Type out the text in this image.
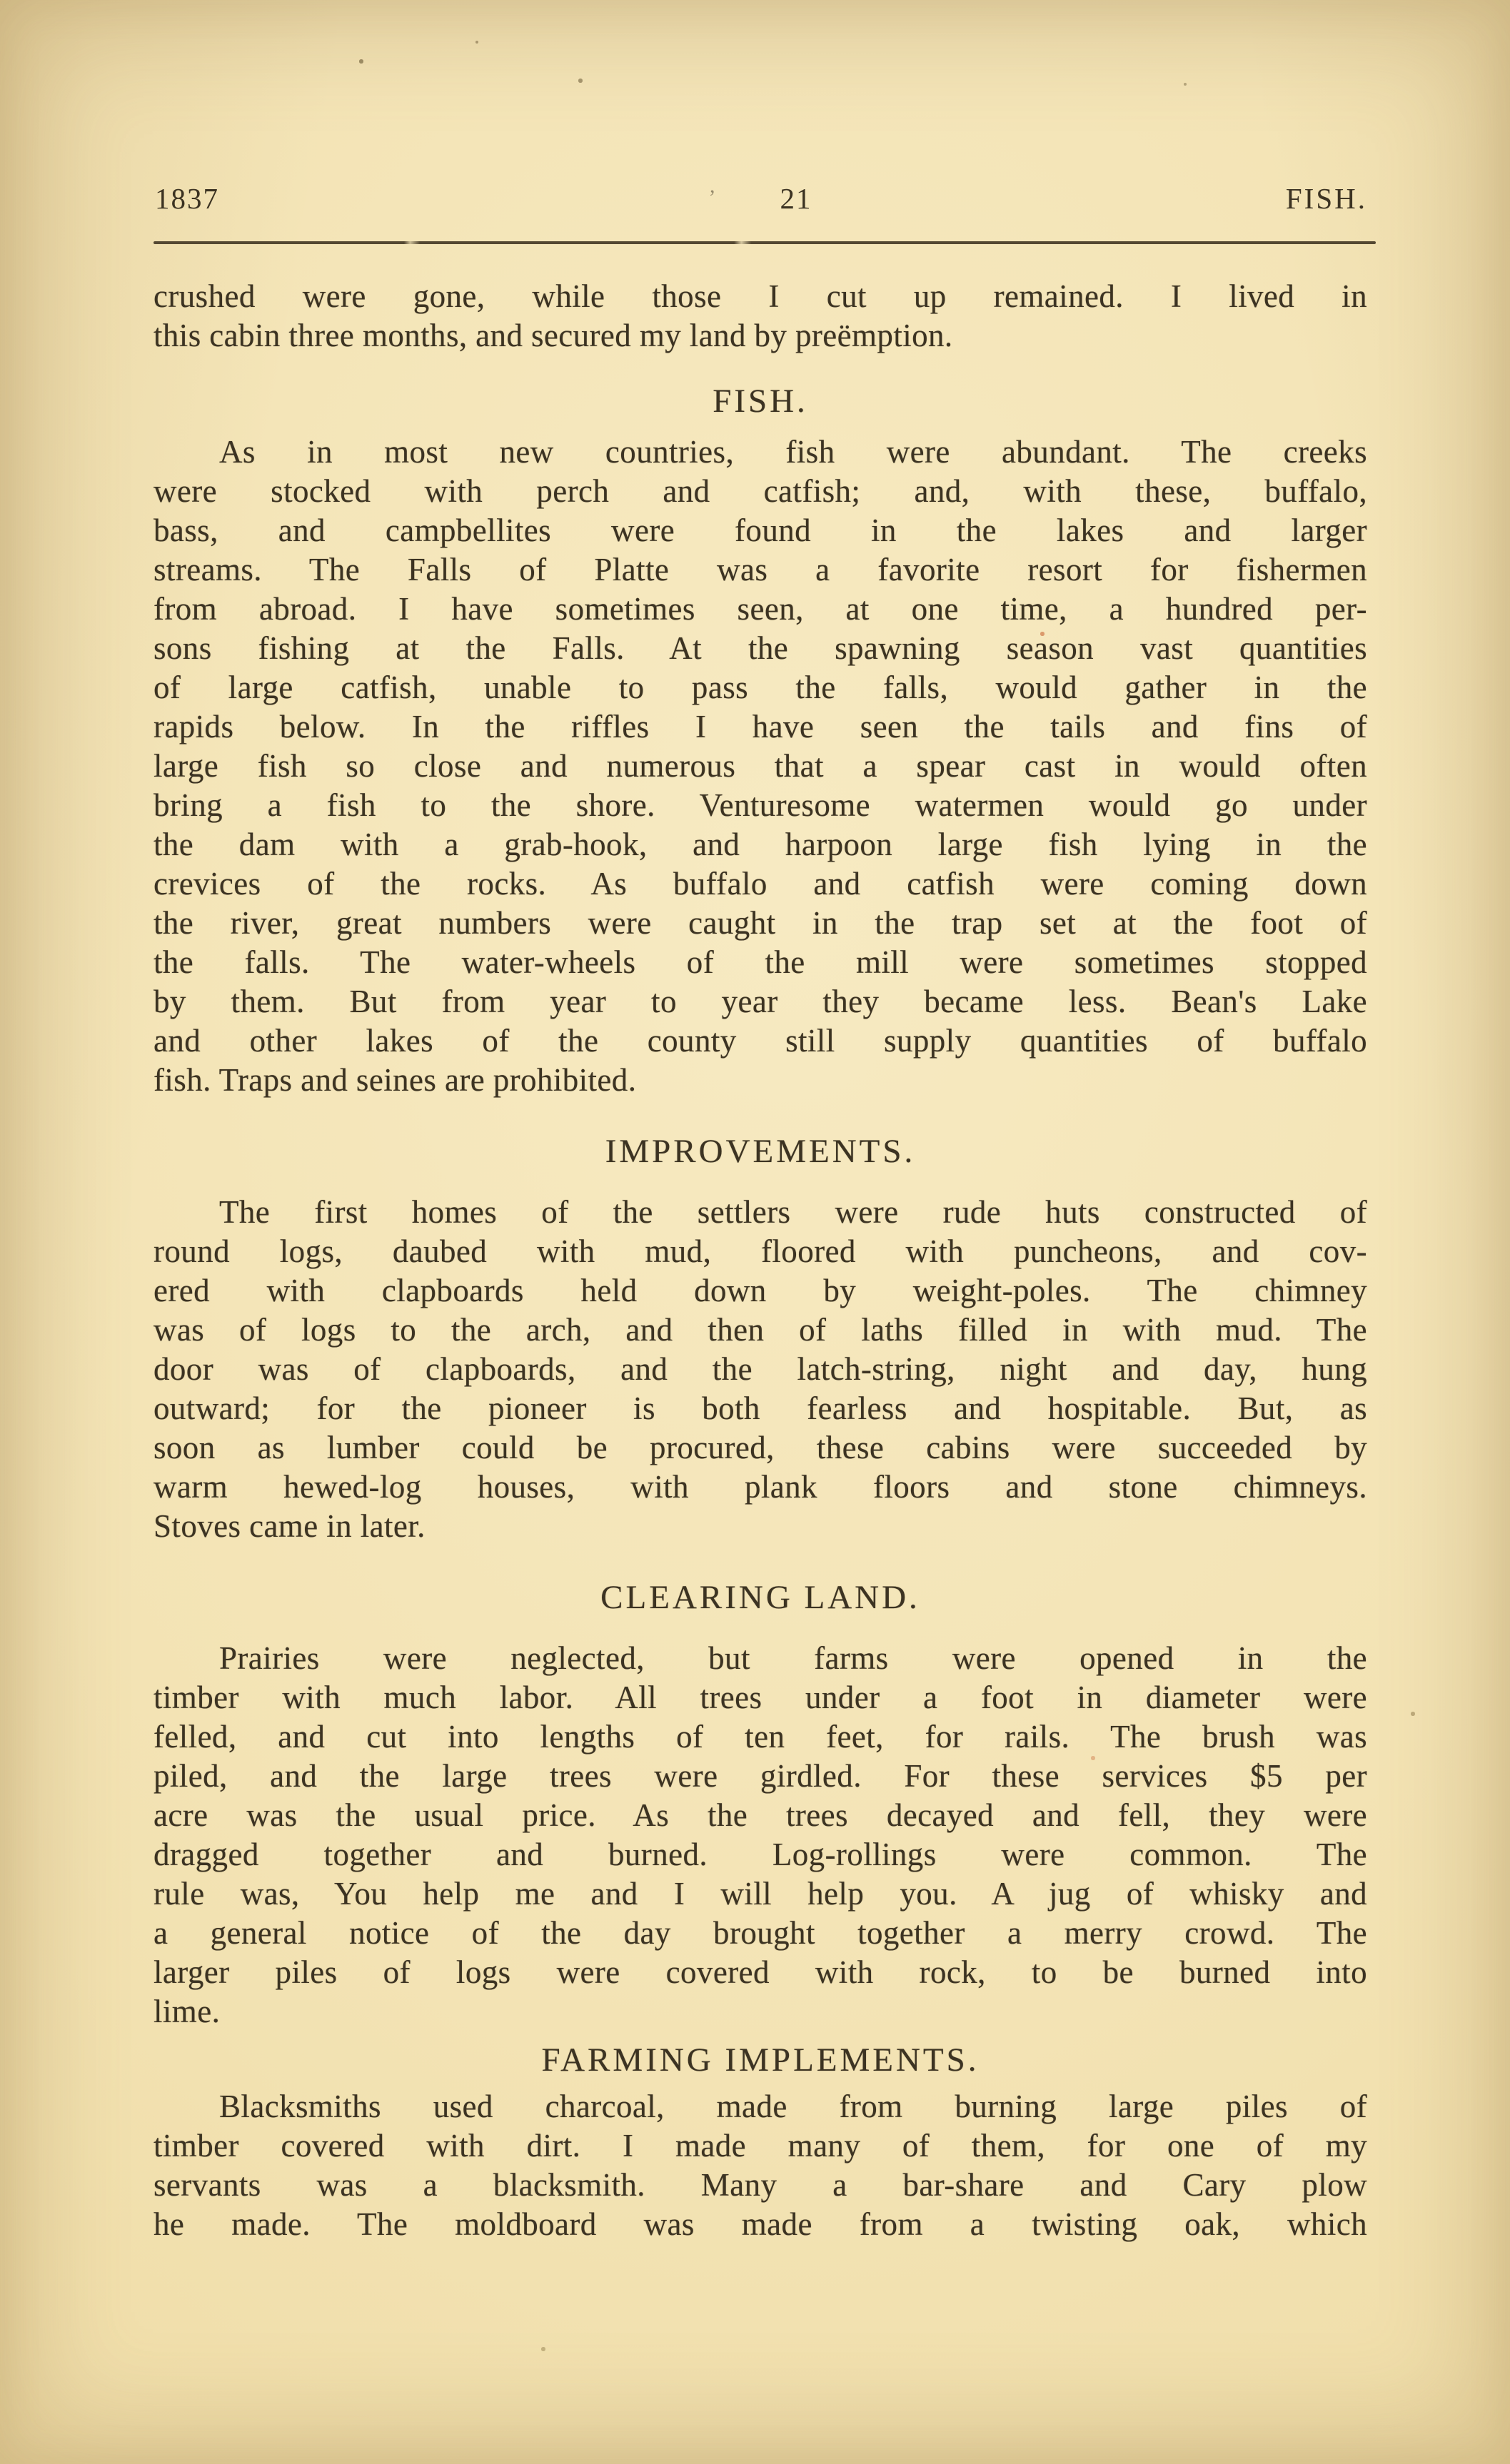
1837	’ 21	FISH.
crushed were gone, while those I cut up remained. I lived in
this cabin three months, and secured my land by preëmption.
FISH.
As in most new countries, fish were abundant. The creeks
were stocked with perch and catfish; and, with these, buffalo,
bass, and campbellites were found in the lakes and larger
streams. The Falls of Platte was a favorite resort for fishermen
from abroad. I have sometimes seen, at one time, a hundred per-
sons fishing at the Falls. At the spawning season vast quantities
of large catfish, unable to pass the falls, would gather in the
rapids below. In the riffles I have seen the tails and fins of
large fish so close and numerous that a spear cast in would often
bring a fish to the shore. Venturesome watermen would go under
the dam with a grab-hook, and harpoon large fish lying in the
crevices of the rocks. As buffalo and catfish were coming down
the river, great numbers were caught in the trap set at the foot of
the falls. The water-wheels of the mill were sometimes stopped
by them. But from year to year they became less. Bean's Lake
and other lakes of the county still supply quantities of buffalo
fish. Traps and seines are prohibited.
IMPROVEMENTS.
The first homes of the settlers were rude huts constructed of
round logs, daubed with mud, floored with puncheons, and cov-
ered with clapboards held down by weight-poles. The chimney
was of logs to the arch, and then of laths filled in with mud. The
door was of clapboards, and the latch-string, night and day, hung
outward; for the pioneer is both fearless and hospitable. But, as
soon as lumber could be procured, these cabins were succeeded by
warm hewed-log houses, with plank floors and stone chimneys.
Stoves came in later.
CLEARING LAND.
Prairies were neglected, but farms were opened in the
timber with much labor. All trees under a foot in diameter were
felled, and cut into lengths of ten feet, for rails. The brush was
piled, and the large trees were girdled. For these services $5 per
acre was the usual price. As the trees decayed and fell, they were
dragged together and burned. Log-rollings were common. The
rule was, You help me and I will help you. A jug of whisky and
a general notice of the day brought together a merry crowd. The
larger piles of logs were covered with rock, to be burned into
lime.
FARMING IMPLEMENTS.
Blacksmiths used charcoal, made from burning large piles of
timber covered with dirt. I made many of them, for one of my
servants was a blacksmith. Many a bar-share and Cary plow
he made. The moldboard was made from a twisting oak, which
